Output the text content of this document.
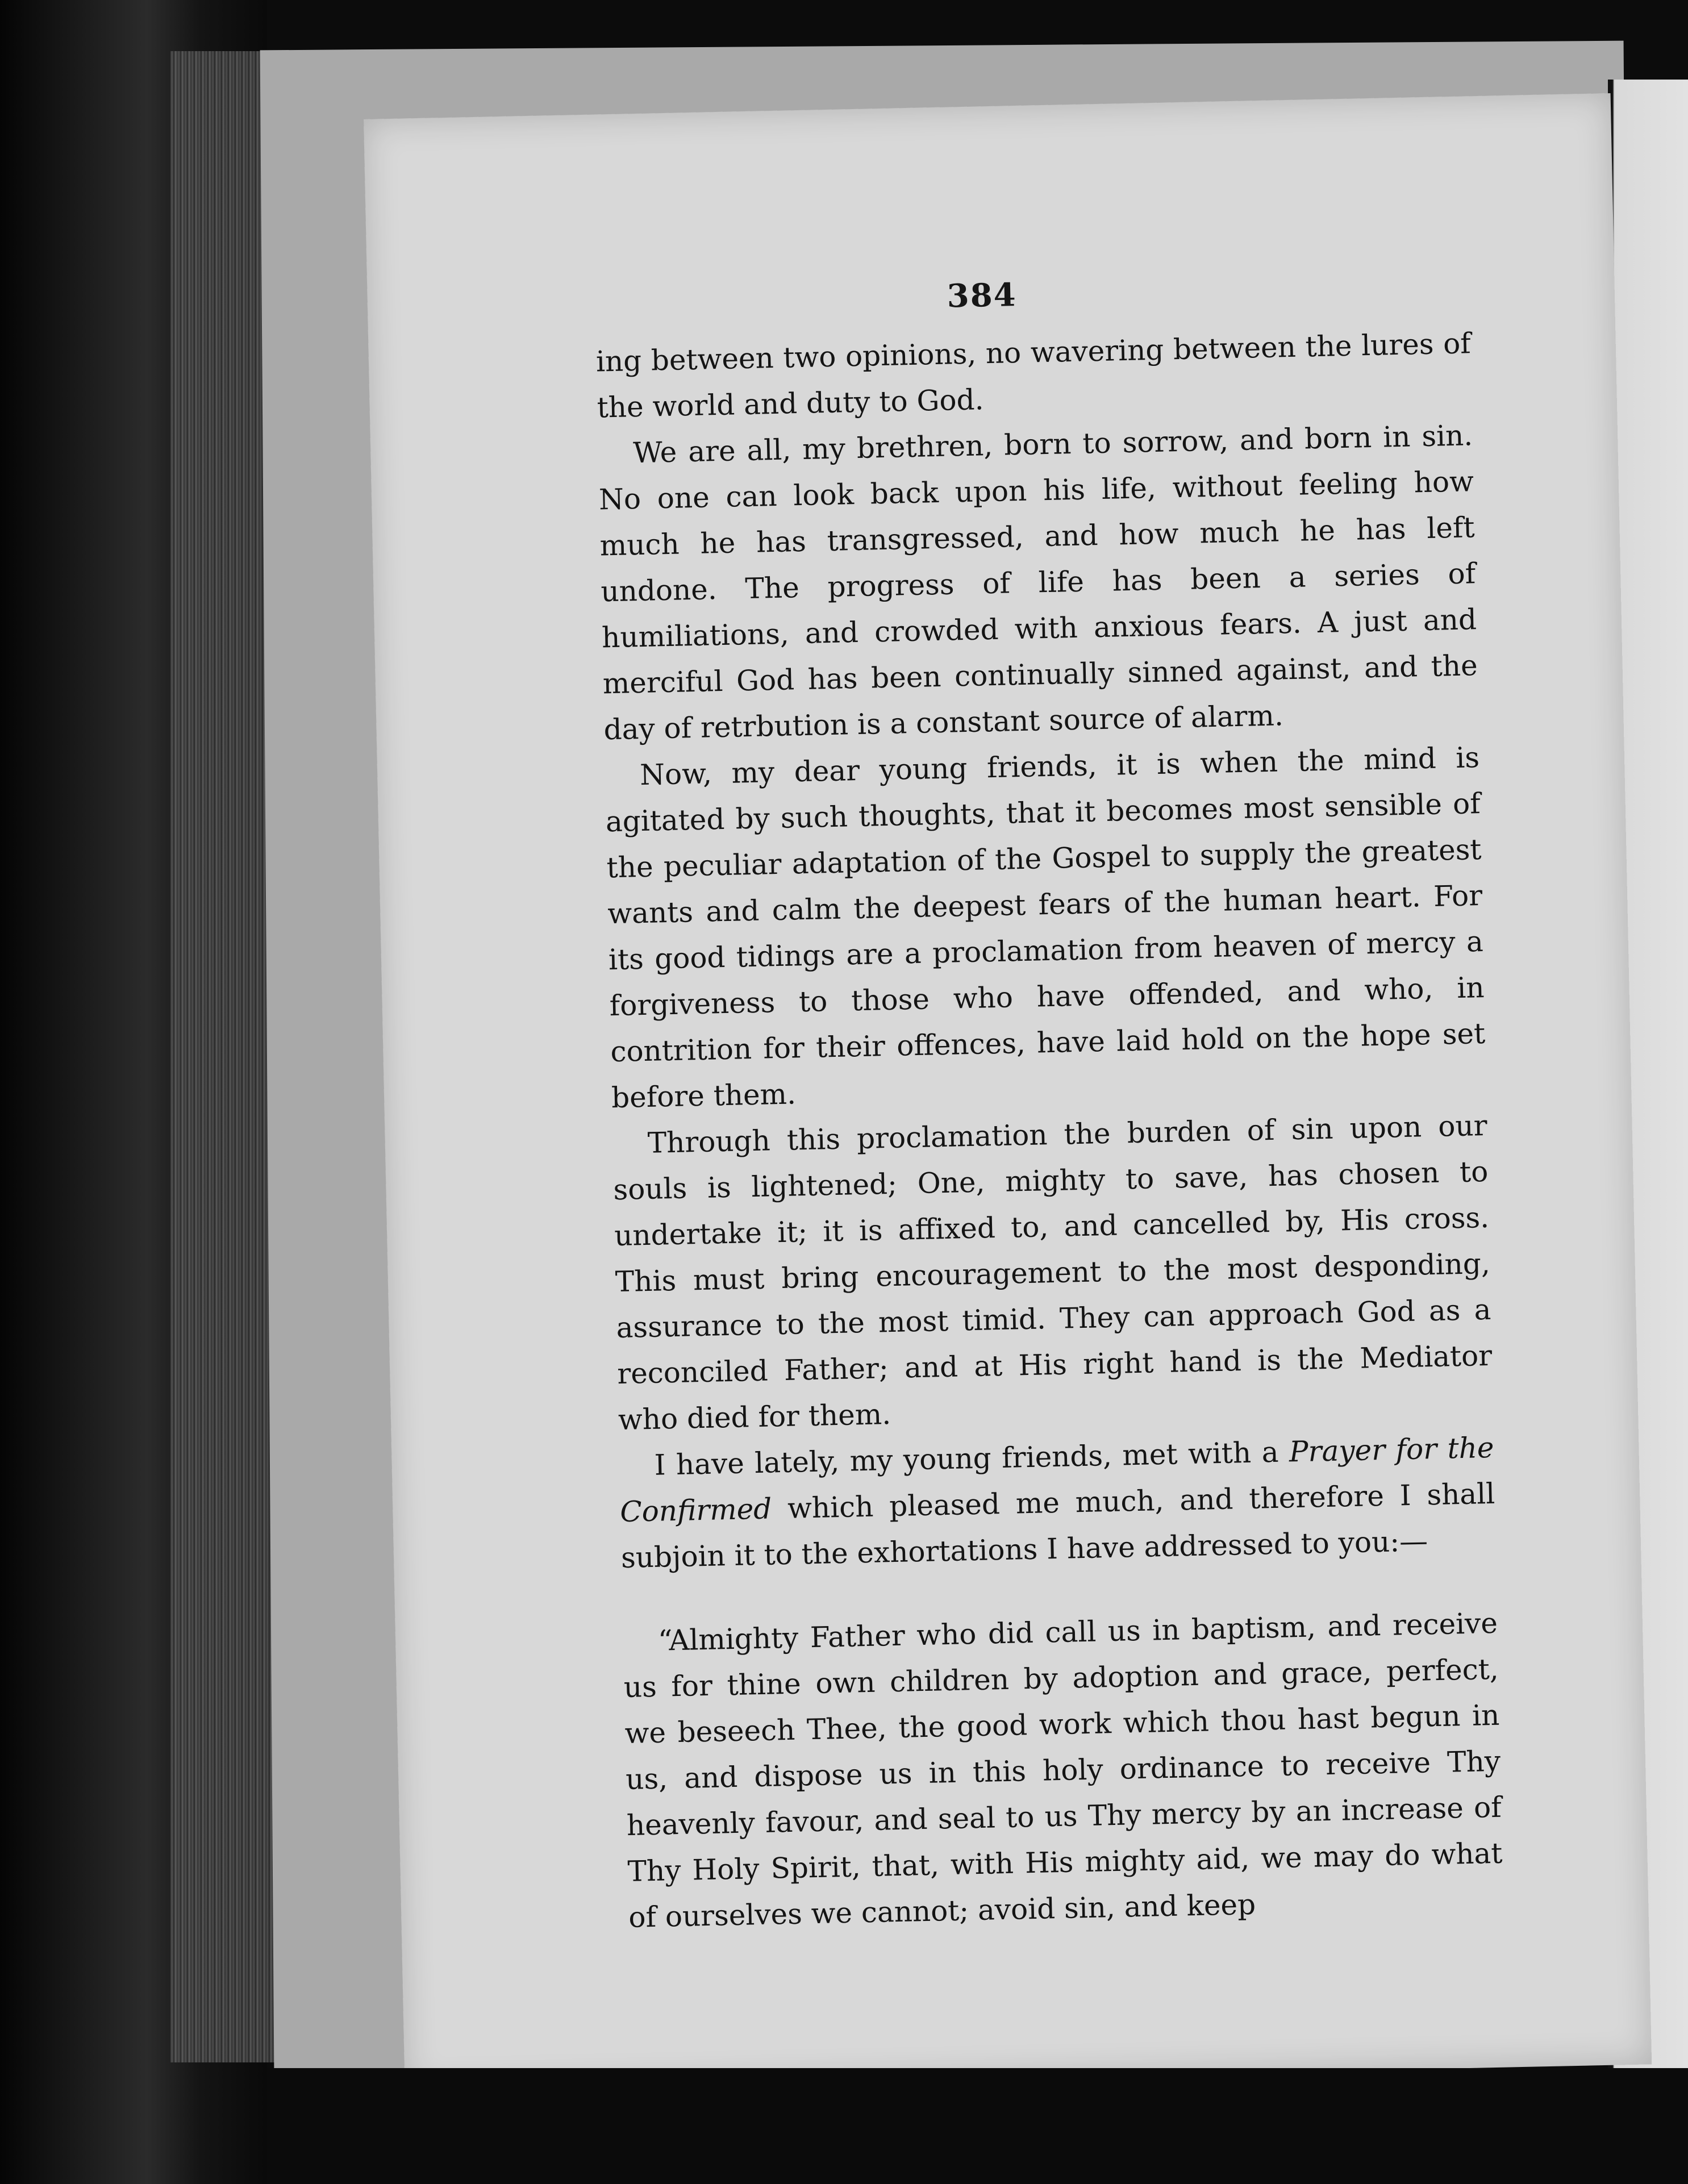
384

ing between two opinions, no wavering between the lures of the world and duty to God.

We are all, my brethren, born to sorrow, and born in sin. No one can look back upon his life, without feeling how much he has transgressed, and how much he has left undone. The progress of life has been a series of humiliations, and crowded with anxious fears. A just and merciful God has been continually sinned against, and the day of retrbution is a constant source of alarm.

Now, my dear young friends, it is when the mind is agitated by such thoughts, that it becomes most sensible of the peculiar adaptation of the Gospel to supply the greatest wants and calm the deepest fears of the human heart. For its good tidings are a proclamation from heaven of mercy a forgiveness to those who have offended, and who, in contrition for their offences, have laid hold on the hope set before them.

Through this proclamation the burden of sin upon our souls is lightened; One, mighty to save, has chosen to undertake it; it is affixed to, and cancelled by, His cross. This must bring encouragement to the most desponding, assurance to the most timid. They can approach God as a reconciled Father; and at His right hand is the Mediator who died for them.

I have lately, my young friends, met with a Prayer for the Confirmed which pleased me much, and therefore I shall subjoin it to the exhortations I have addressed to you:—

“Almighty Father who did call us in baptism, and receive us for thine own children by adoption and grace, perfect, we beseech Thee, the good work which thou hast begun in us, and dispose us in this holy ordinance to receive Thy heavenly favour, and seal to us Thy mercy by an increase of Thy Holy Spirit, that, with His mighty aid, we may do what of ourselves we cannot; avoid sin, and keep
